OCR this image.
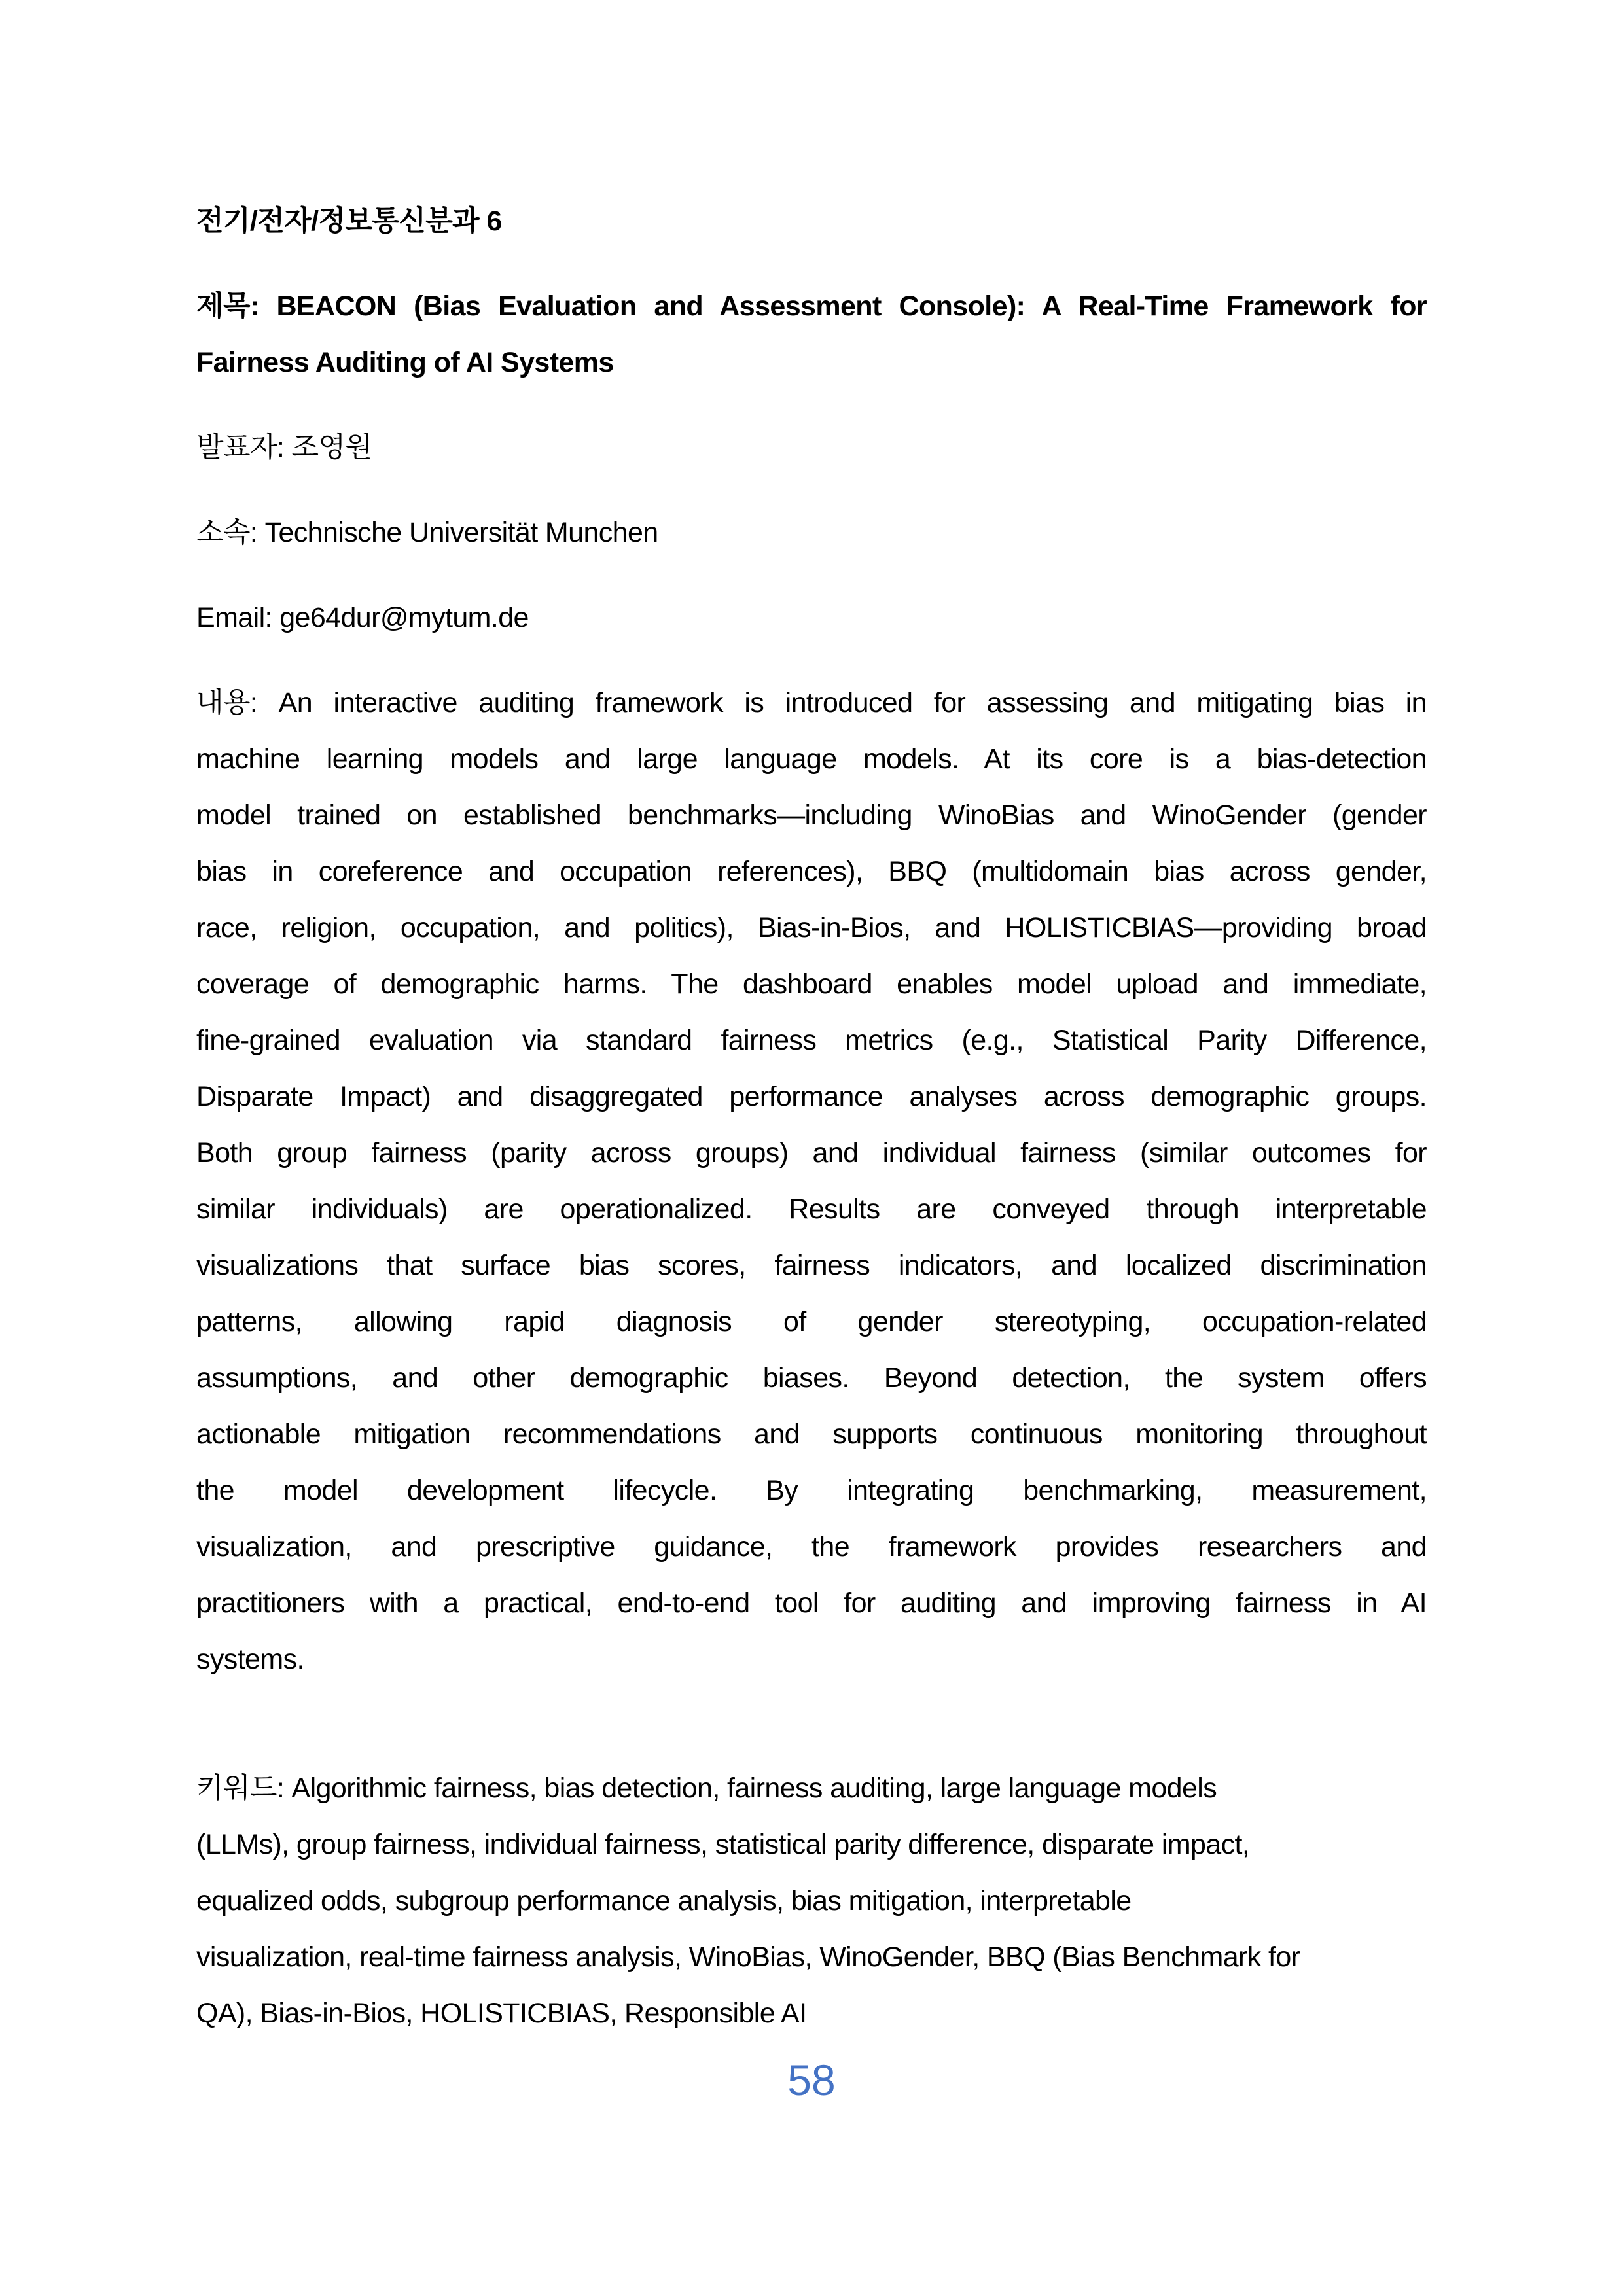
전기/전자/정보통신분과 6

제목: BEACON (Bias Evaluation and Assessment Console): A Real-Time Framework for
Fairness Auditing of AI Systems

발표자: 조영원

소속: Technische Universität Munchen

Email: ge64dur@mytum.de

내용: An interactive auditing framework is introduced for assessing and mitigating bias in
machine learning models and large language models. At its core is a bias-detection
model trained on established benchmarks—including WinoBias and WinoGender (gender
bias in coreference and occupation references), BBQ (multidomain bias across gender,
race, religion, occupation, and politics), Bias-in-Bios, and HOLISTICBIAS—providing broad
coverage of demographic harms. The dashboard enables model upload and immediate,
fine-grained evaluation via standard fairness metrics (e.g., Statistical Parity Difference,
Disparate Impact) and disaggregated performance analyses across demographic groups.
Both group fairness (parity across groups) and individual fairness (similar outcomes for
similar individuals) are operationalized. Results are conveyed through interpretable
visualizations that surface bias scores, fairness indicators, and localized discrimination
patterns, allowing rapid diagnosis of gender stereotyping, occupation-related
assumptions, and other demographic biases. Beyond detection, the system offers
actionable mitigation recommendations and supports continuous monitoring throughout
the model development lifecycle. By integrating benchmarking, measurement,
visualization, and prescriptive guidance, the framework provides researchers and
practitioners with a practical, end-to-end tool for auditing and improving fairness in AI
systems.
키워드: Algorithmic fairness, bias detection, fairness auditing, large language models
(LLMs), group fairness, individual fairness, statistical parity difference, disparate impact,
equalized odds, subgroup performance analysis, bias mitigation, interpretable
visualization, real-time fairness analysis, WinoBias, WinoGender, BBQ (Bias Benchmark for
QA), Bias-in-Bios, HOLISTICBIAS, Responsible AI
58
